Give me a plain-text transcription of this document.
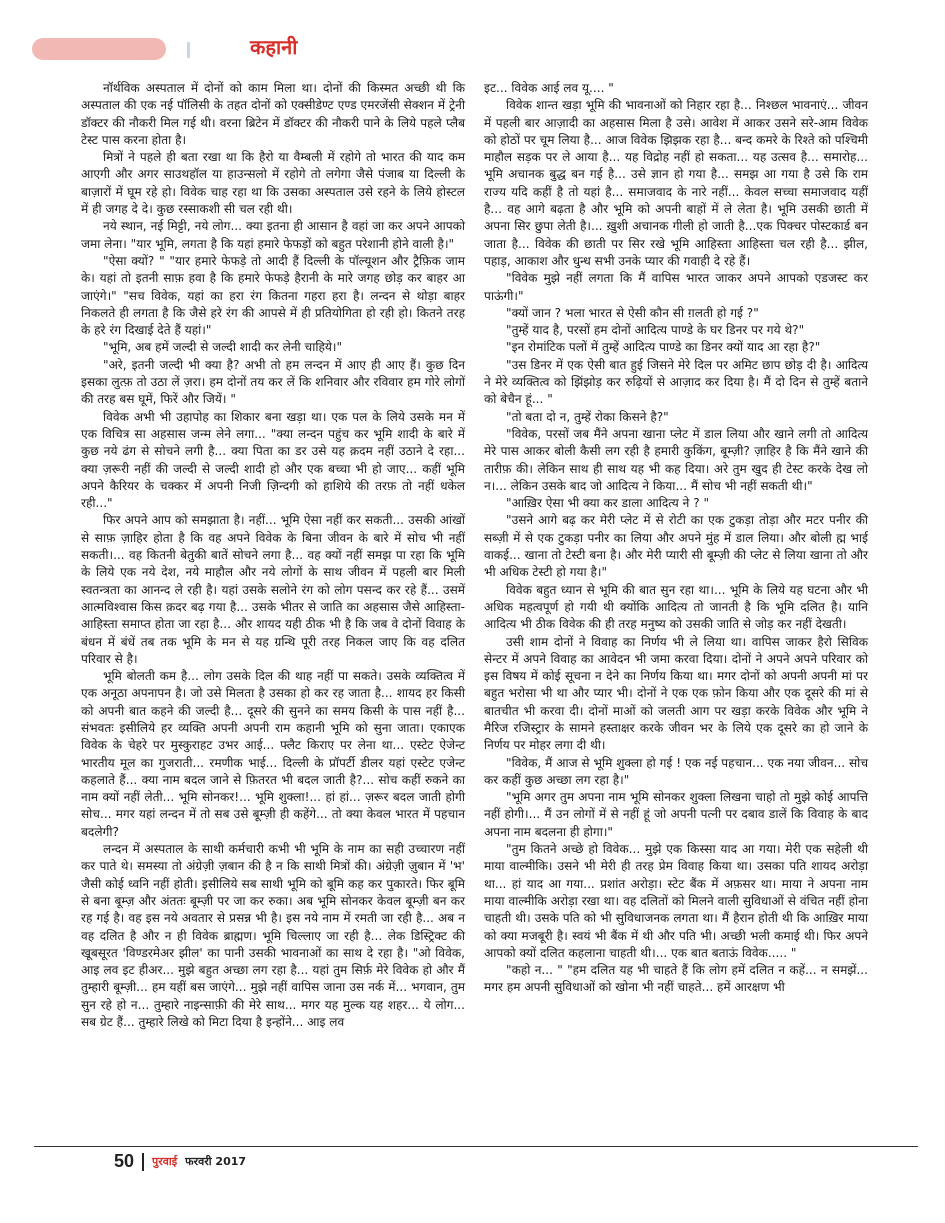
कहानी

नॉर्थविक अस्पताल में दोनों को काम मिला था। दोनों की किस्मत अच्छी थी कि अस्पताल की एक नई पॉलिसी के तहत दोनों को एक्सीडेण्ट एण्ड एमरजेंसी सेक्शन में ट्रेनी डॉक्टर की नौकरी मिल गई थी। वरना ब्रिटेन में डॉक्टर की नौकरी पाने के लिये पहले प्लैब टेस्ट पास करना होता है।

मित्रों ने पहले ही बता रखा था कि हैरो या वैम्बली में रहोगे तो भारत की याद कम आएगी और अगर साउथहॉल या हाउन्सलो में रहोगे तो लगेगा जैसे पंजाब या दिल्ली के बाज़ारों में घूम रहे हो। विवेक चाह रहा था कि उसका अस्पताल उसे रहने के लिये होस्टल में ही जगह दे दे। कुछ रस्साकशी सी चल रही थी।

नये स्थान, नई मिट्टी, नये लोग... क्या इतना ही आसान है वहां जा कर अपने आपको जमा लेना। "यार भूमि, लगता है कि यहां हमारे फेफड़ों को बहुत परेशानी होने वाली है।"

"ऐसा क्यों? " "यार हमारे फेफड़े तो आदी हैं दिल्ली के पॉल्यूशन और ट्रैफ़िक जाम के। यहां तो इतनी साफ़ हवा है कि हमारे फेफड़े हैरानी के मारे जगह छोड़ कर बाहर आ जाएंगे।" "सच विवेक, यहां का हरा रंग कितना गहरा हरा है। लन्दन से थोड़ा बाहर निकलते ही लगता है कि जैसे हरे रंग की आपसे में ही प्रतियोगिता हो रही हो। कितने तरह के हरे रंग दिखाई देते हैं यहां।"

"भूमि, अब हमें जल्दी से जल्दी शादी कर लेनी चाहिये।"

"अरे, इतनी जल्दी भी क्या है? अभी तो हम लन्दन में आए ही आए हैं। कुछ दिन इसका लुत्फ़ तो उठा लें ज़रा। हम दोनों तय कर लें कि शनिवार और रविवार हम गोरे लोगों की तरह बस घूमें, फिरें और जियें। "

विवेक अभी भी उहापोह का शिकार बना खड़ा था। एक पल के लिये उसके मन में एक विचित्र सा अहसास जन्म लेने लगा... "क्या लन्दन पहुंच कर भूमि शादी के बारे में कुछ नये ढंग से सोचने लगी है... क्या पिता का डर उसे यह क़दम नहीं उठाने दे रहा... क्या ज़रूरी नहीं की जल्दी से जल्दी शादी हो और एक बच्चा भी हो जाए... कहीं भूमि अपने कैरियर के चक्कर में अपनी निजी ज़िन्दगी को हाशिये की तरफ़ तो नहीं धकेल रही..."

फिर अपने आप को समझाता है। नहीं... भूमि ऐसा नहीं कर सकती... उसकी आंखों से साफ़ ज़ाहिर होता है कि वह अपने विवेक के बिना जीवन के बारे में सोच भी नहीं सकती।... वह कितनी बेतुकी बातें सोचने लगा है... वह क्यों नहीं समझ पा रहा कि भूमि के लिये एक नये देश, नये माहौल और नये लोगों के साथ जीवन में पहली बार मिली स्वतन्त्रता का आनन्द ले रही है। यहां उसके सलोने रंग को लोग पसन्द कर रहे हैं... उसमें आत्मविश्वास किस क़दर बढ़ गया है... उसके भीतर से जाति का अहसास जैसे आहिस्ता-आहिस्ता समाप्त होता जा रहा है... और शायद यही ठीक भी है कि जब वे दोनों विवाह के बंधन में बंधें तब तक भूमि के मन से यह ग्रन्थि पूरी तरह निकल जाए कि वह दलित परिवार से है।

भूमि बोलती कम है... लोग उसके दिल की थाह नहीं पा सकते। उसके व्यक्तित्व में एक अनूठा अपनापन है। जो उसे मिलता है उसका हो कर रह जाता है... शायद हर किसी को अपनी बात कहने की जल्दी है... दूसरे की सुनने का समय किसी के पास नहीं है... संभवतः इसीलिये हर व्यक्ति अपनी अपनी राम कहानी भूमि को सुना जाता। एकाएक विवेक के चेहरे पर मुस्कुराहट उभर आई... फ्लैट किराए पर लेना था... एस्टेट ऐजेन्ट भारतीय मूल का गुजराती... रमणीक भाई... दिल्ली के प्रॉपर्टी डीलर यहां एस्टेट एजेन्ट कहलाते हैं... क्या नाम बदल जाने से फ़ितरत भी बदल जाती है?... सोच कहीं रुकने का नाम क्यों नहीं लेती... भूमि सोनकर!... भूमि शुक्ला!... हां हां... ज़रूर बदल जाती होगी सोच... मगर यहां लन्दन में तो सब उसे बूम्ज़ी ही कहेंगे... तो क्या केवल भारत में पहचान बदलेगी?

लन्दन में अस्पताल के साथी कर्मचारी कभी भी भूमि के नाम का सही उच्चारण नहीं कर पाते थे। समस्या तो अंग्रेज़ी ज़बान की है न कि साथी मित्रों की। अंग्रेज़ी ज़ुबान में 'भ' जैसी कोई ध्वनि नहीं होती। इसीलिये सब साथी भूमि को बूमि कह कर पुकारते। फिर बूमि से बना बूम्ज़ और अंततः बूम्ज़ी पर जा कर रुका। अब भूमि सोनकर केवल बूम्ज़ी बन कर रह गई है। वह इस नये अवतार से प्रसन्न भी है। इस नये नाम में रमती जा रही है... अब न वह दलित है और न ही विवेक ब्राह्मण। भूमि चिल्लाए जा रही है... लेक डिस्ट्रिक्ट की खूबसूरत 'विण्डरमेअर झील' का पानी उसकी भावनाओं का साथ दे रहा है। "ओ विवेक, आइ लव इट हीअर... मुझे बहुत अच्छा लग रहा है... यहां तुम सिर्फ़ मेरे विवेक हो और मैं तुम्हारी बूम्ज़ी... हम यहीं बस जाएंगे... मुझे नहीं वापिस जाना उस नर्क में... भगवान, तुम सुन रहे हो न... तुम्हारे नाइन्साफ़ी की मेरे साथ... मगर यह मुल्क यह शहर... ये लोग... सब ग्रेट हैं... तुम्हारे लिखे को मिटा दिया है इन्होंने... आइ लव

इट... विवेक आई लव यू.... "

विवेक शान्त खड़ा भूमि की भावनाओं को निहार रहा है... निश्छल भावनाएं... जीवन में पहली बार आज़ादी का अहसास मिला है उसे। आवेश में आकर उसने सरे-आम विवेक को होठों पर चूम लिया है... आज विवेक झिझक रहा है... बन्द कमरे के रिश्ते को पश्चिमी माहौल सड़क पर ले आया है... यह विद्रोह नहीं हो सकता... यह उत्सव है... समारोह... भूमि अचानक बुद्ध बन गई है... उसे ज्ञान हो गया है... समझ आ गया है उसे कि राम राज्य यदि कहीं है तो यहां है... समाजवाद के नारे नहीं... केवल सच्चा समाजवाद यहीं है... वह आगे बढ़ता है और भूमि को अपनी बाहों में ले लेता है। भूमि उसकी छाती में अपना सिर छुपा लेती है।... ख़ुशी अचानक गीली हो जाती है...एक पिक्चर पोस्टकार्ड बन जाता है... विवेक की छाती पर सिर रखे भूमि आहिस्ता आहिस्ता चल रही है... झील, पहाड़, आकाश और धुन्ध सभी उनके प्यार की गवाही दे रहे हैं।

"विवेक मुझे नहीं लगता कि मैं वापिस भारत जाकर अपने आपको एडजस्ट कर पाऊंगी।"

"क्यों जान ? भला भारत से ऐसी कौन सी ग़लती हो गई ?"

"तुम्हें याद है, परसों हम दोनों आदित्य पाण्डे के घर डिनर पर गये थे?"

"इन रोमांटिक पलों में तुम्हें आदित्य पाण्डे का डिनर क्यों याद आ रहा है?"

"उस डिनर में एक ऐसी बात हुई जिसने मेरे दिल पर अमिट छाप छोड़ दी है। आदित्य ने मेरे व्यक्तित्व को झिंझोड़ कर रुढ़ियों से आज़ाद कर दिया है। मैं दो दिन से तुम्हें बताने को बेचैन हूं... "

"तो बता दो न, तुम्हें रोका किसने है?"

"विवेक, परसों जब मैंने अपना खाना प्लेट में डाल लिया और खाने लगी तो आदित्य मेरे पास आकर बोली कैसी लग रही है हमारी कुकिंग, बूम्ज़ी? ज़ाहिर है कि मैंने खाने की तारीफ़ की। लेकिन साथ ही साथ यह भी कह दिया। अरे तुम खुद ही टेस्ट करके देख लो न।... लेकिन उसके बाद जो आदित्य ने किया... मैं सोच भी नहीं सकती थी।"

"आख़िर ऐसा भी क्या कर डाला आदित्य ने ? "

"उसने आगे बढ़ कर मेरी प्लेट में से रोटी का एक टुकड़ा तोड़ा और मटर पनीर की सब्ज़ी में से एक टुकड़ा पनीर का लिया और अपने मुंह में डाल लिया। और बोली ह्म भाई वाकई... खाना तो टेस्टी बना है। और मेरी प्यारी सी बूम्ज़ी की प्लेट से लिया खाना तो और भी अधिक टेस्टी हो गया है।"

विवेक बहुत ध्यान से भूमि की बात सुन रहा था।... भूमि के लिये यह घटना और भी अधिक महत्वपूर्ण हो गयी थी क्योंकि आदित्य तो जानती है कि भूमि दलित है। यानि आदित्य भी ठीक विवेक की ही तरह मनुष्य को उसकी जाति से जोड़ कर नहीं देखती।

उसी शाम दोनों ने विवाह का निर्णय भी ले लिया था। वापिस जाकर हैरो सिविक सेन्टर में अपने विवाह का आवेदन भी जमा करवा दिया। दोनों ने अपने अपने परिवार को इस विषय में कोई सूचना न देने का निर्णय किया था। मगर दोनों को अपनी अपनी मां पर बहुत भरोसा भी था और प्यार भी। दोनों ने एक एक फ़ोन किया और एक दूसरे की मां से बातचीत भी करवा दी। दोनों माओं को जलती आग पर खड़ा करके विवेक और भूमि ने मैरिज रजिस्ट्रार के सामने हस्ताक्षर करके जीवन भर के लिये एक दूसरे का हो जाने के निर्णय पर मोहर लगा दी थी।

"विवेक, मैं आज से भूमि शुक्ला हो गई ! एक नई पहचान... एक नया जीवन... सोच कर कहीं कुछ अच्छा लग रहा है।"

"भूमि अगर तुम अपना नाम भूमि सोनकर शुक्ला लिखना चाहो तो मुझे कोई आपत्ति नहीं होगी।... मैं उन लोगों में से नहीं हूं जो अपनी पत्नी पर दबाव डालें कि विवाह के बाद अपना नाम बदलना ही होगा।"

"तुम कितने अच्छे हो विवेक... मुझे एक किस्सा याद आ गया। मेरी एक सहेली थी माया वाल्मीकि। उसने भी मेरी ही तरह प्रेम विवाह किया था। उसका पति शायद अरोड़ा था... हां याद आ गया... प्रशांत अरोड़ा। स्टेट बैंक में अफ़सर था। माया ने अपना नाम माया वाल्मीकि अरोड़ा रखा था। वह दलितों को मिलने वाली सुविधाओं से वंचित नहीं होना चाहती थी। उसके पति को भी सुविधाजनक लगता था। मैं हैरान होती थी कि आख़िर माया को क्या मजबूरी है। स्वयं भी बैंक में थी और पति भी। अच्छी भली कमाई थी। फिर अपने आपको क्यों दलित कहलाना चाहती थी।... एक बात बताऊं विवेक..... "

"कहो न... " "हम दलित यह भी चाहते हैं कि लोग हमें दलित न कहें... न समझें... मगर हम अपनी सुविधाओं को खोना भी नहीं चाहते... हमें आरक्षण भी

50 पुरवाई फरवरी 2017
